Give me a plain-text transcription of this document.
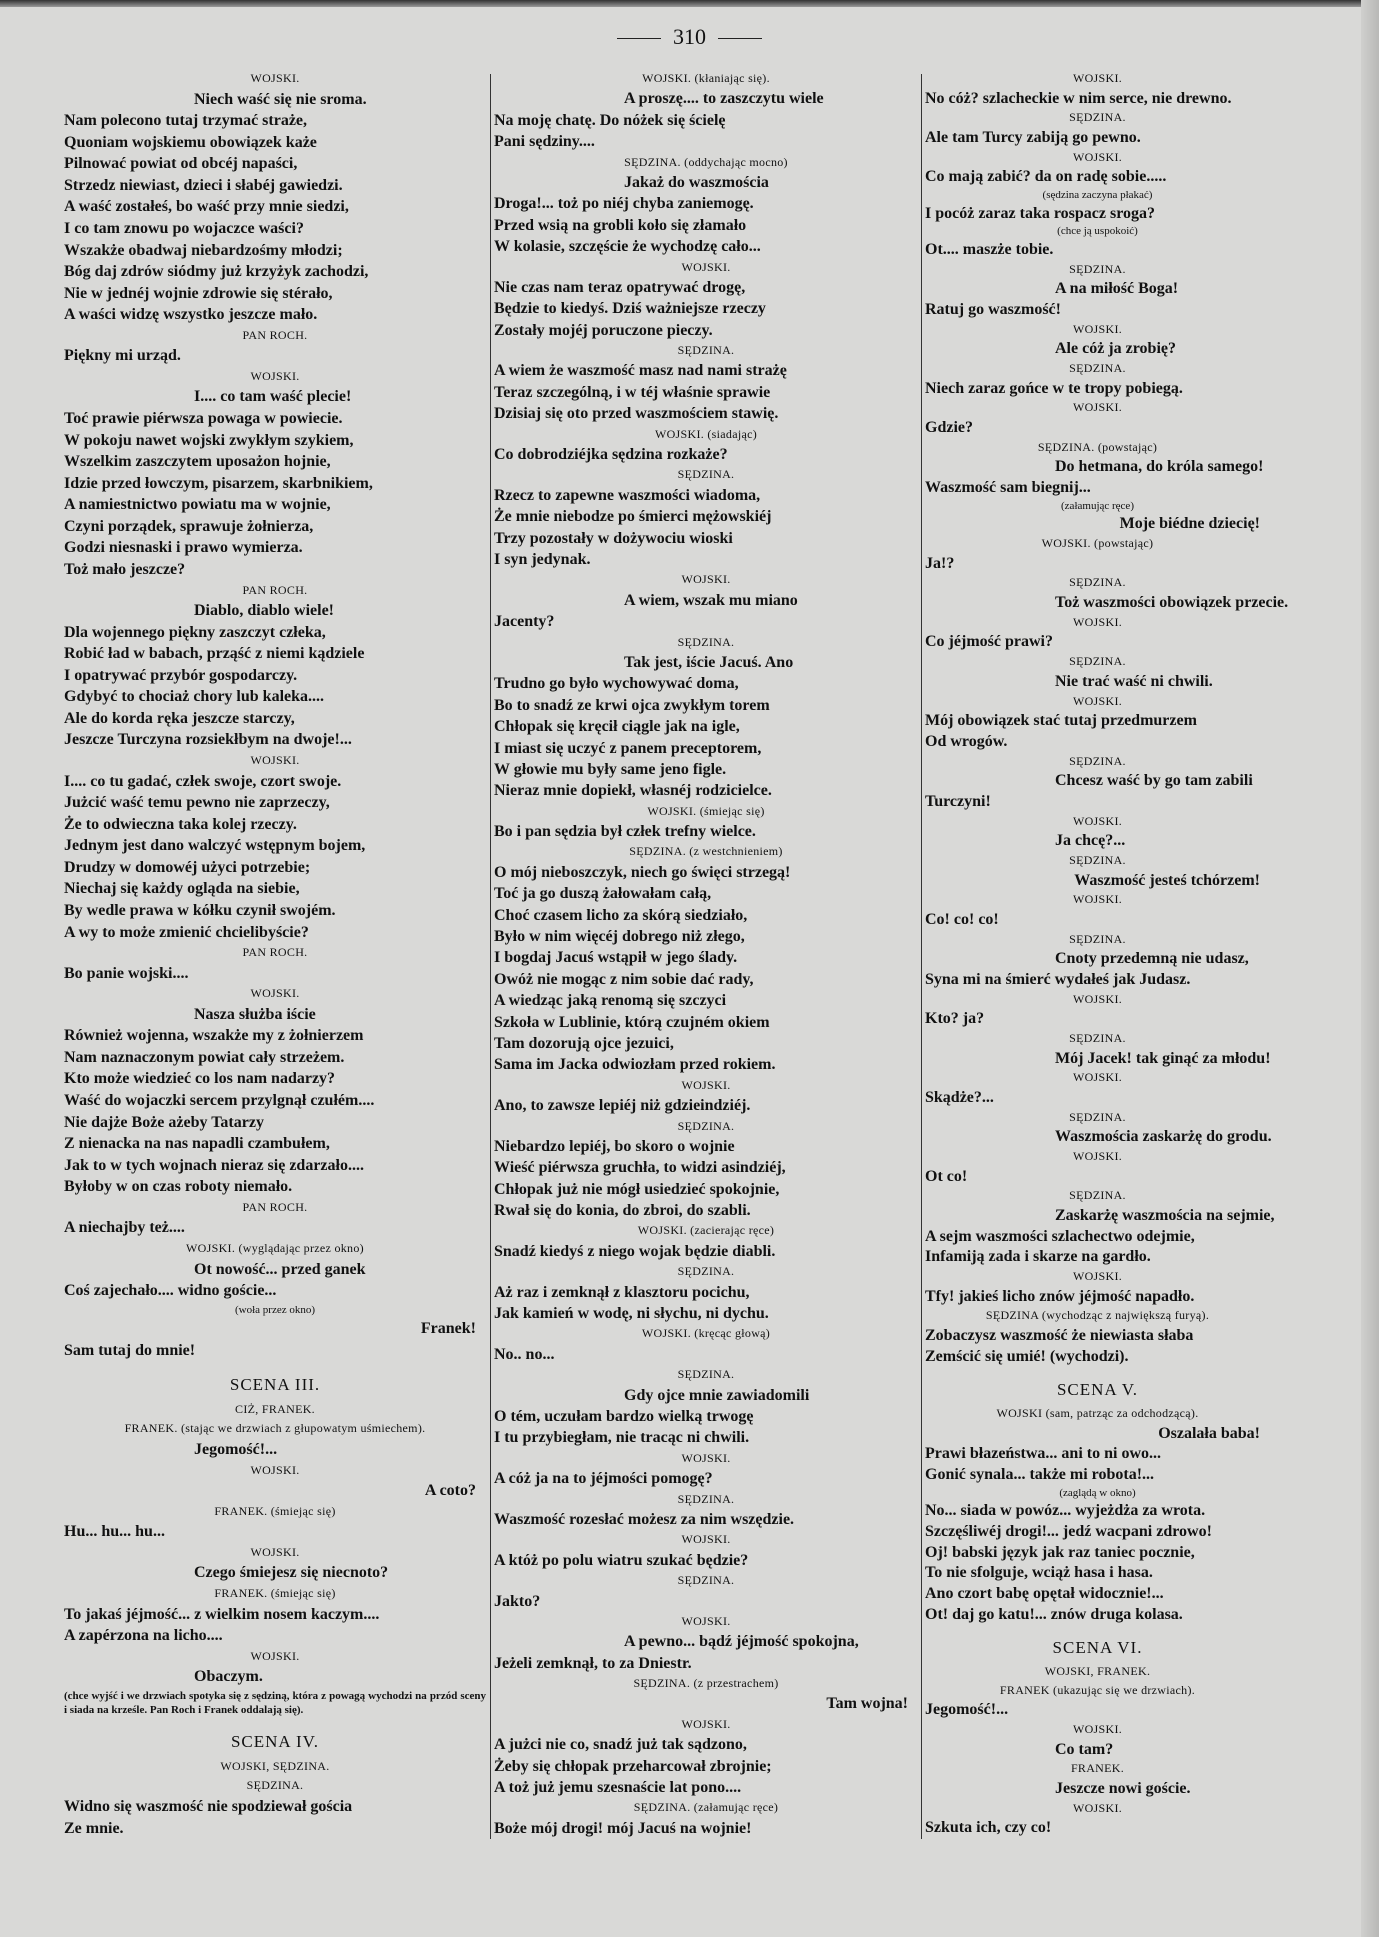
310
WOJSKI.
Niech waść się nie sroma.
Nam polecono tutaj trzymać straże,
Quoniam wojskiemu obowiązek każe
Pilnować powiat od obcéj napaści,
Strzedz niewiast, dzieci i słabéj gawiedzi.
A waść zostałeś, bo waść przy mnie siedzi,
I co tam znowu po wojaczce waści?
Wszakże obadwaj niebardzośmy młodzi;
Bóg daj zdrów siódmy już krzyżyk zachodzi,
Nie w jednéj wojnie zdrowie się stérało,
A waści widzę wszystko jeszcze mało.
PAN ROCH.
Piękny mi urząd.
WOJSKI.
I.... co tam waść plecie!
Toć prawie piérwsza powaga w powiecie.
W pokoju nawet wojski zwykłym szykiem,
Wszelkim zaszczytem uposażon hojnie,
Idzie przed łowczym, pisarzem, skarbnikiem,
A namiestnictwo powiatu ma w wojnie,
Czyni porządek, sprawuje żołnierza,
Godzi niesnaski i prawo wymierza.
Toż mało jeszcze?
PAN ROCH.
Diablo, diablo wiele!
Dla wojennego piękny zaszczyt człeka,
Robić ład w babach, prząść z niemi kądziele
I opatrywać przybór gospodarczy.
Gdybyć to chociaż chory lub kaleka....
Ale do korda ręka jeszcze starczy,
Jeszcze Turczyna rozsiekłbym na dwoje!...
WOJSKI.
I.... co tu gadać, człek swoje, czort swoje.
Jużcić waść temu pewno nie zaprzeczy,
Że to odwieczna taka kolej rzeczy.
Jednym jest dano walczyć wstępnym bojem,
Drudzy w domowéj użyci potrzebie;
Niechaj się każdy ogląda na siebie,
By wedle prawa w kółku czynił swojém.
A wy to może zmienić chcielibyście?
PAN ROCH.
Bo panie wojski....
WOJSKI.
Nasza służba iście
Również wojenna, wszakże my z żołnierzem
Nam naznaczonym powiat cały strzeżem.
Kto może wiedzieć co los nam nadarzy?
Waść do wojaczki sercem przylgnął czułém....
Nie dajże Boże ażeby Tatarzy
Z nienacka na nas napadli czambułem,
Jak to w tych wojnach nieraz się zdarzało....
Byłoby w on czas roboty niemało.
PAN ROCH.
A niechajby też....
WOJSKI. (wyglądając przez okno)
Ot nowość... przed ganek
Coś zajechało.... widno goście...
(woła przez okno)
Franek!
Sam tutaj do mnie!
SCENA III.
CIŻ, FRANEK.
FRANEK. (stając we drzwiach z głupowatym uśmiechem).
Jegomość!...
WOJSKI.
A coto?
FRANEK. (śmiejąc się)
Hu... hu... hu...
WOJSKI.
Czego śmiejesz się niecnoto?
FRANEK. (śmiejąc się)
To jakaś jéjmość... z wielkim nosem kaczym....
A zapérzona na licho....
WOJSKI.
Obaczym.
(chce wyjść i we drzwiach spotyka się z sędziną, która z powagą wychodzi na przód sceny i siada na krześle. Pan Roch i Franek oddalają się).
SCENA IV.
WOJSKI, SĘDZINA.
SĘDZINA.
Widno się waszmość nie spodziewał gościa
Ze mnie.
WOJSKI. (kłaniając się).
A proszę.... to zaszczytu wiele
Na moję chatę. Do nóżek się ścielę
Pani sędziny....
SĘDZINA. (oddychając mocno)
Jakaż do waszmościa
Droga!... toż po niéj chyba zaniemogę.
Przed wsią na grobli koło się złamało
W kolasie, szczęście że wychodzę cało...
WOJSKI.
Nie czas nam teraz opatrywać drogę,
Będzie to kiedyś. Dziś ważniejsze rzeczy
Zostały mojéj poruczone pieczy.
SĘDZINA.
A wiem że waszmość masz nad nami strażę
Teraz szczególną, i w téj właśnie sprawie
Dzisiaj się oto przed waszmościem stawię.
WOJSKI. (siadając)
Co dobrodziéjka sędzina rozkaże?
SĘDZINA.
Rzecz to zapewne waszmości wiadoma,
Że mnie niebodze po śmierci mężowskiéj
Trzy pozostały w dożywociu wioski
I syn jedynak.
WOJSKI.
A wiem, wszak mu miano
Jacenty?
SĘDZINA.
Tak jest, iście Jacuś. Ano
Trudno go było wychowywać doma,
Bo to snadź ze krwi ojca zwykłym torem
Chłopak się kręcił ciągle jak na igle,
I miast się uczyć z panem preceptorem,
W głowie mu były same jeno figle.
Nieraz mnie dopiekł, własnéj rodzicielce.
WOJSKI. (śmiejąc się)
Bo i pan sędzia był człek trefny wielce.
SĘDZINA. (z westchnieniem)
O mój nieboszczyk, niech go święci strzegą!
Toć ja go duszą żałowałam całą,
Choć czasem licho za skórą siedziało,
Było w nim więcéj dobrego niż złego,
I bogdaj Jacuś wstąpił w jego ślady.
Owóż nie mogąc z nim sobie dać rady,
A wiedząc jaką renomą się szczyci
Szkoła w Lublinie, którą czujném okiem
Tam dozorują ojce jezuici,
Sama im Jacka odwiozłam przed rokiem.
WOJSKI.
Ano, to zawsze lepiéj niż gdzieindziéj.
SĘDZINA.
Niebardzo lepiéj, bo skoro o wojnie
Wieść piérwsza gruchła, to widzi asindziéj,
Chłopak już nie mógł usiedzieć spokojnie,
Rwał się do konia, do zbroi, do szabli.
WOJSKI. (zacierając ręce)
Snadź kiedyś z niego wojak będzie diabli.
SĘDZINA.
Aż raz i zemknął z klasztoru pocichu,
Jak kamień w wodę, ni słychu, ni dychu.
WOJSKI. (kręcąc głową)
No.. no...
SĘDZINA.
Gdy ojce mnie zawiadomili
O tém, uczułam bardzo wielką trwogę
I tu przybiegłam, nie tracąc ni chwili.
WOJSKI.
A cóż ja na to jéjmości pomogę?
SĘDZINA.
Waszmość rozesłać możesz za nim wszędzie.
WOJSKI.
A któż po polu wiatru szukać będzie?
SĘDZINA.
Jakto?
WOJSKI.
A pewno... bądź jéjmość spokojna,
Jeżeli zemknął, to za Dniestr.
SĘDZINA. (z przestrachem)
Tam wojna!
WOJSKI.
A jużci nie co, snadź już tak sądzono,
Żeby się chłopak przeharcował zbrojnie;
A toż już jemu szesnaście lat pono....
SĘDZINA. (załamując ręce)
Boże mój drogi! mój Jacuś na wojnie!
WOJSKI.
No cóż? szlacheckie w nim serce, nie drewno.
SĘDZINA.
Ale tam Turcy zabiją go pewno.
WOJSKI.
Co mają zabić? da on radę sobie.....
(sędzina zaczyna płakać)
I pocóż zaraz taka rospacz sroga?
(chce ją uspokoić)
Ot.... maszże tobie.
SĘDZINA.
A na miłość Boga!
Ratuj go waszmość!
WOJSKI.
Ale cóż ja zrobię?
SĘDZINA.
Niech zaraz gońce w te tropy pobiegą.
WOJSKI.
Gdzie?
SĘDZINA. (powstając)
Do hetmana, do króla samego!
Waszmość sam biegnij...
(załamując ręce)
Moje biédne dziecię!
WOJSKI. (powstając)
Ja!?
SĘDZINA.
Toż waszmości obowiązek przecie.
WOJSKI.
Co jéjmość prawi?
SĘDZINA.
Nie trać waść ni chwili.
WOJSKI.
Mój obowiązek stać tutaj przedmurzem
Od wrogów.
SĘDZINA.
Chcesz waść by go tam zabili
Turczyni!
WOJSKI.
Ja chcę?...
SĘDZINA.
Waszmość jesteś tchórzem!
WOJSKI.
Co! co! co!
SĘDZINA.
Cnoty przedemną nie udasz,
Syna mi na śmierć wydałeś jak Judasz.
WOJSKI.
Kto? ja?
SĘDZINA.
Mój Jacek! tak ginąć za młodu!
WOJSKI.
Skądże?...
SĘDZINA.
Waszmościa zaskarżę do grodu.
WOJSKI.
Ot co!
SĘDZINA.
Zaskarżę waszmościa na sejmie,
A sejm waszmości szlachectwo odejmie,
Infamiją zada i skarze na gardło.
WOJSKI.
Tfy! jakieś licho znów jéjmość napadło.
SĘDZINA (wychodząc z największą furyą).
Zobaczysz waszmość że niewiasta słaba
Zemścić się umié! (wychodzi).
SCENA V.
WOJSKI (sam, patrząc za odchodzącą).
Oszalała baba!
Prawi błazeństwa... ani to ni owo...
Gonić synala... także mi robota!...
(zaglądą w okno)
No... siada w powóz... wyjeżdża za wrota.
Szczęśliwéj drogi!... jedź wacpani zdrowo!
Oj! babski język jak raz taniec pocznie,
To nie sfolguje, wciąż hasa i hasa.
Ano czort babę opętał widocznie!...
Ot! daj go katu!... znów druga kolasa.
SCENA VI.
WOJSKI, FRANEK.
FRANEK (ukazując się we drzwiach).
Jegomość!...
WOJSKI.
Co tam?
FRANEK.
Jeszcze nowi goście.
WOJSKI.
Szkuta ich, czy co!
